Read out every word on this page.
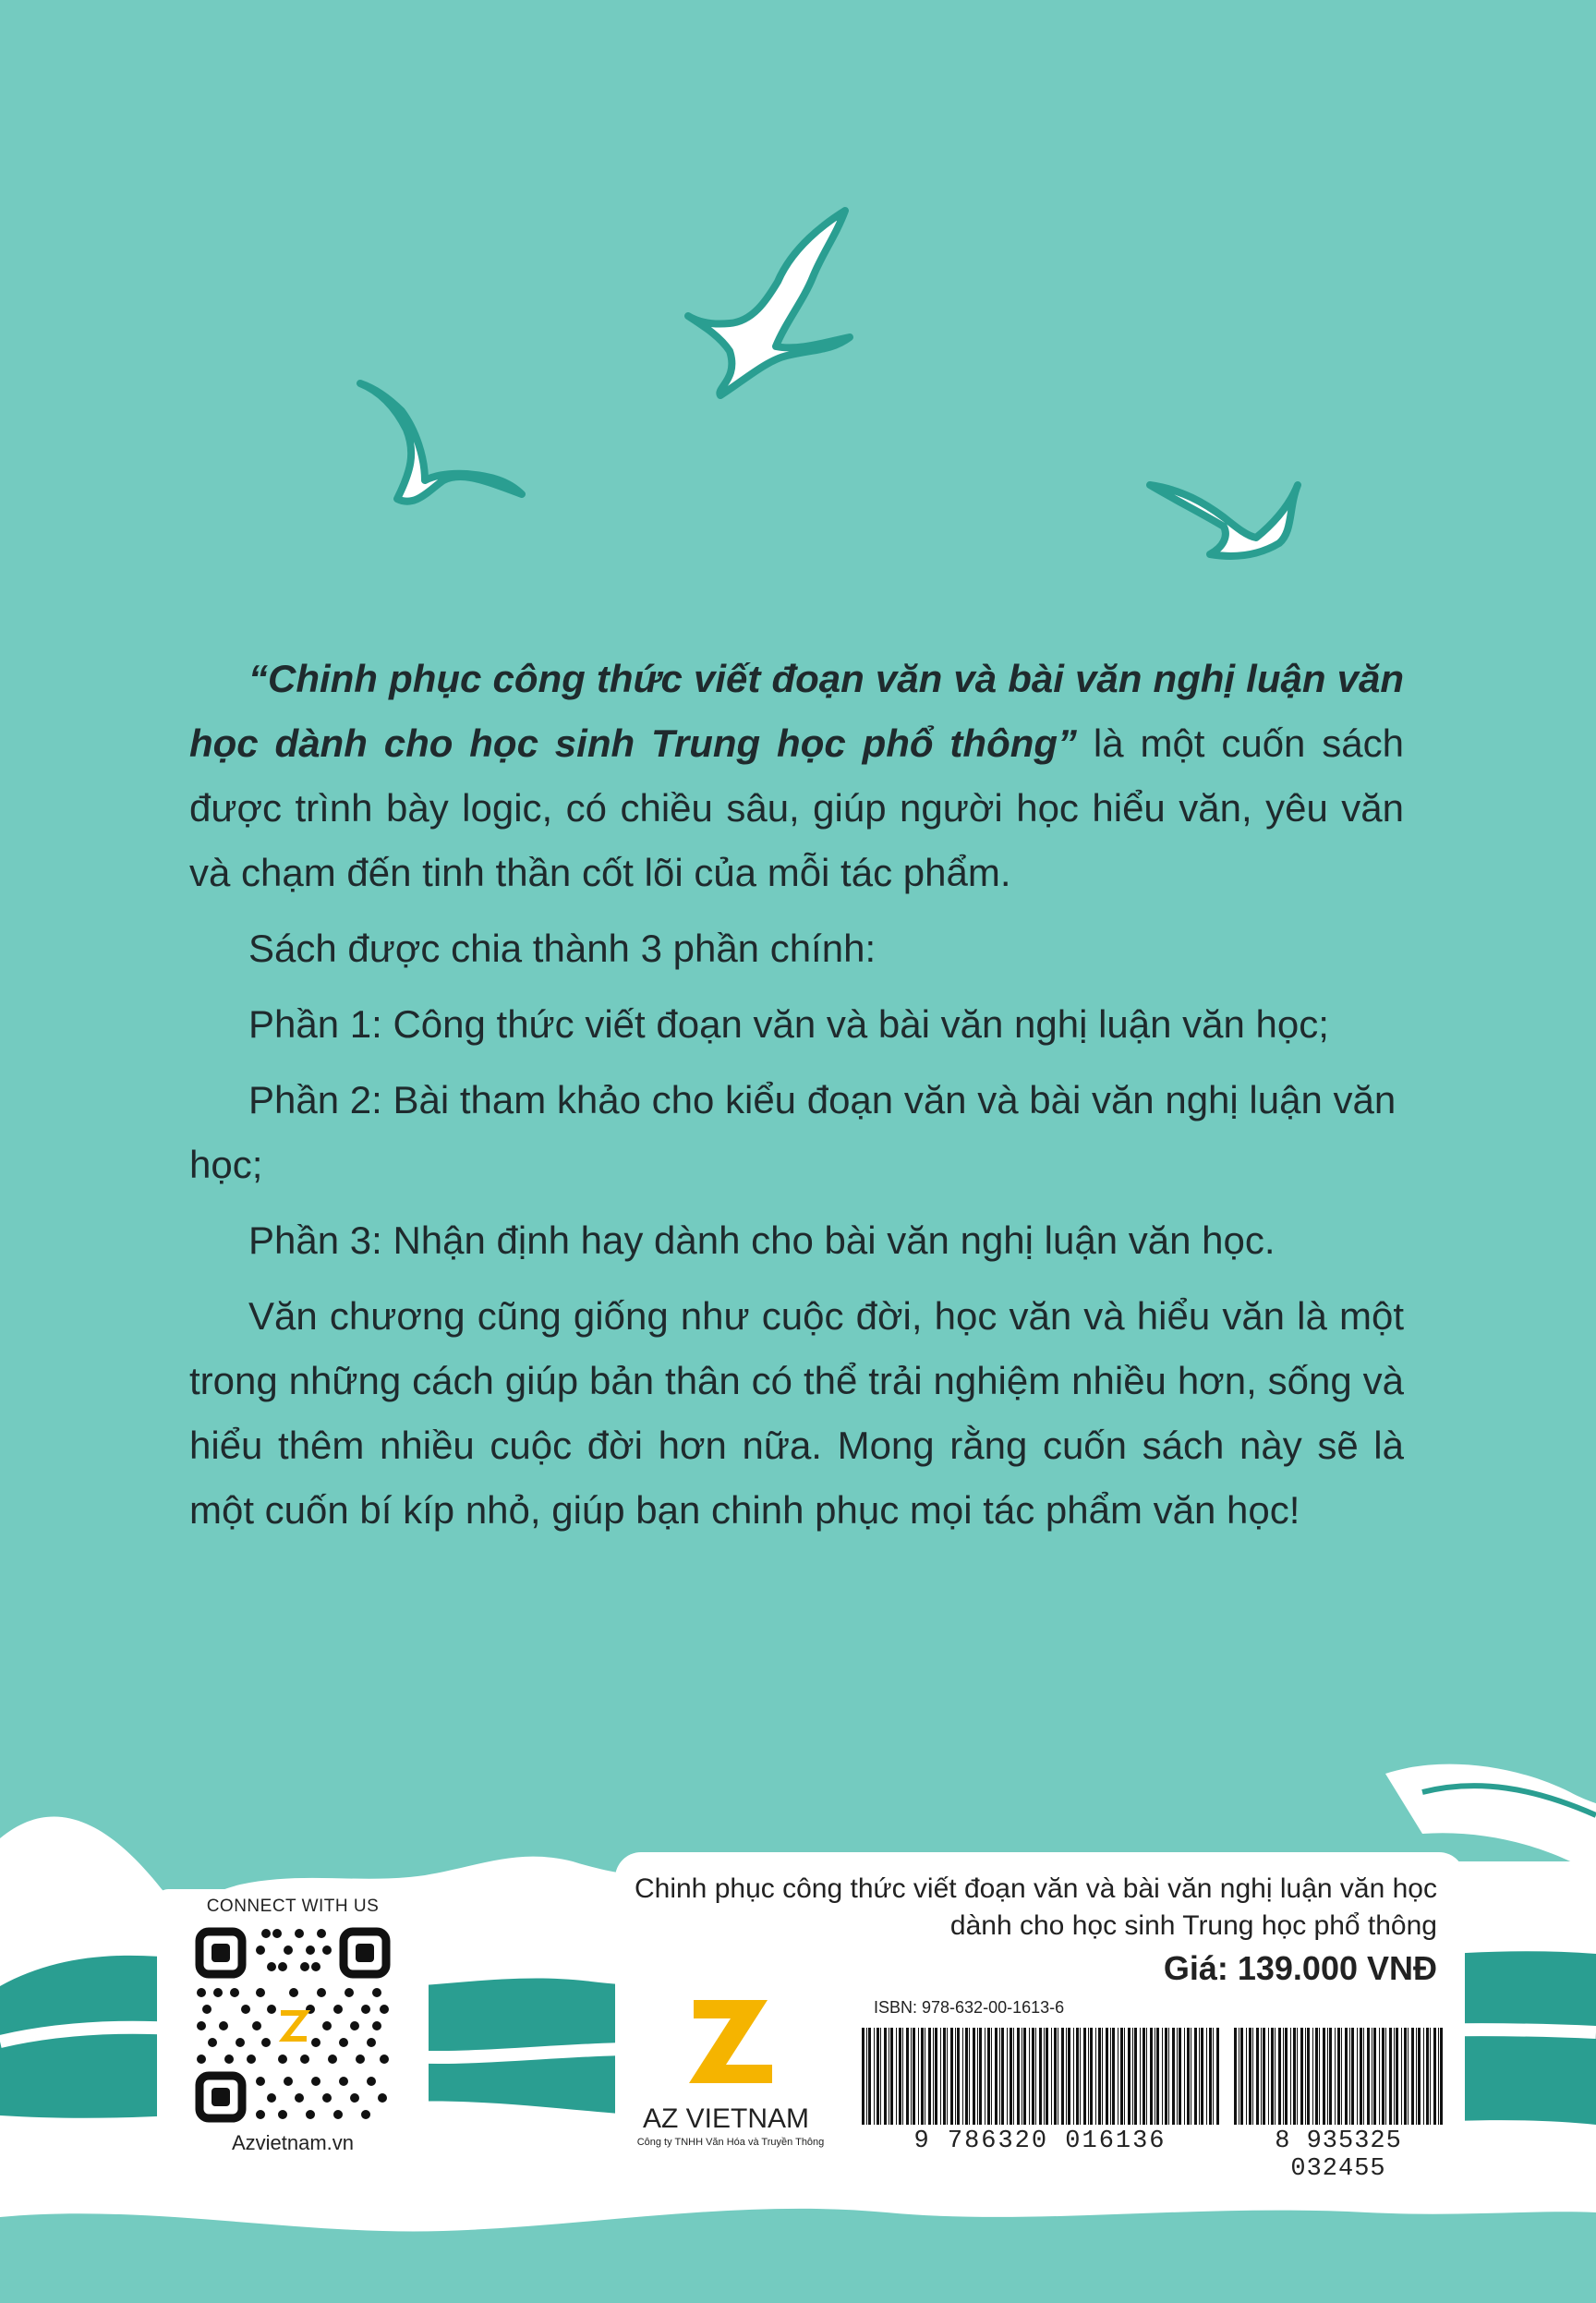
“Chinh phục công thức viết đoạn văn và bài văn nghị luận văn học dành cho học sinh Trung học phổ thông” là một cuốn sách được trình bày logic, có chiều sâu, giúp người học hiểu văn, yêu văn và chạm đến tinh thần cốt lõi của mỗi tác phẩm.

Sách được chia thành 3 phần chính:

Phần 1: Công thức viết đoạn văn và bài văn nghị luận văn học;

Phần 2: Bài tham khảo cho kiểu đoạn văn và bài văn nghị luận văn học;

Phần 3: Nhận định hay dành cho bài văn nghị luận văn học.

Văn chương cũng giống như cuộc đời, học văn và hiểu văn là một trong những cách giúp bản thân có thể trải nghiệm nhiều hơn, sống và hiểu thêm nhiều cuộc đời hơn nữa. Mong rằng cuốn sách này sẽ là một cuốn bí kíp nhỏ, giúp bạn chinh phục mọi tác phẩm văn học!

CONNECT WITH US
Azvietnam.vn
Chinh phục công thức viết đoạn văn và bài văn nghị luận văn học
dành cho học sinh Trung học phổ thông
Giá: 139.000 VNĐ
AZ VIETNAM
Công ty TNHH Văn Hóa và Truyền Thông
ISBN: 978-632-00-1613-6
9 786320 016136	8 935325 032455
